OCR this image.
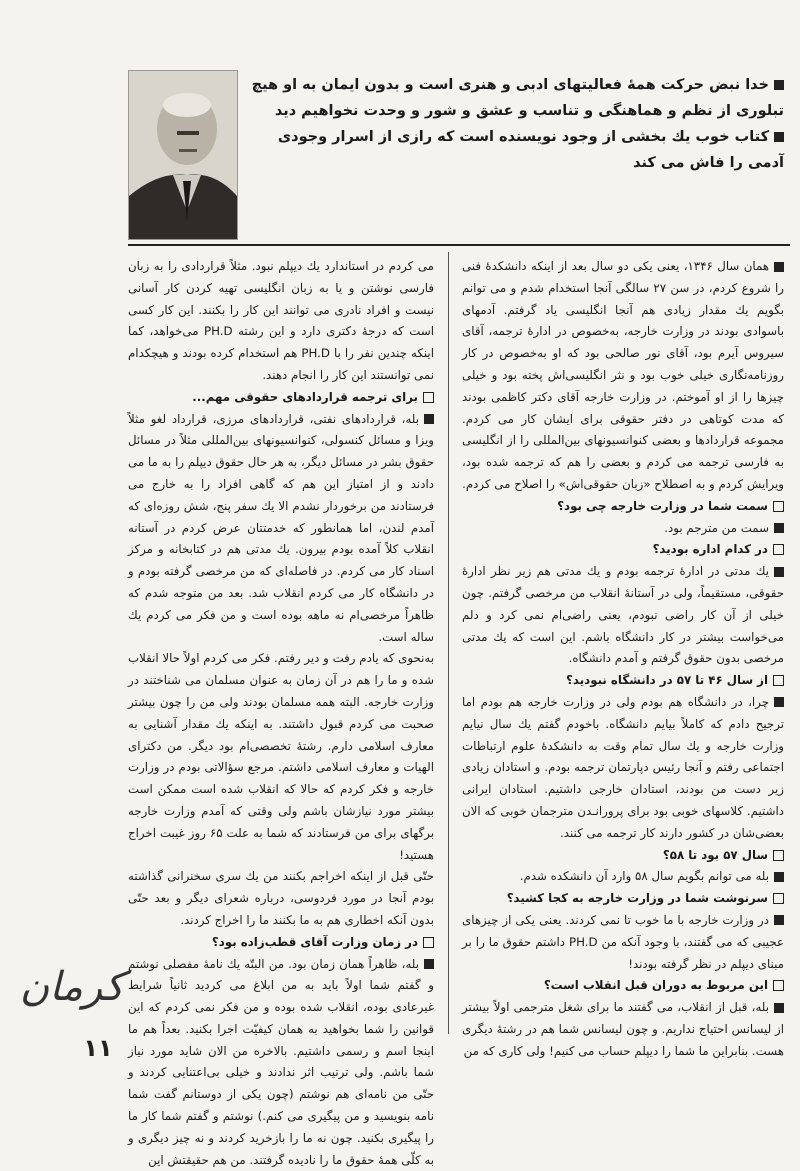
خدا نبض حرکت همهٔ فعالیتهای ادبی و هنری است و بدون ایمان به او هیچ تبلوری از نظم و هماهنگی و تناسب و عشق و شور و وحدت نخواهیم دید

کتاب خوب یك بخشی از وجود نویسنده است که رازی از اسرار وجودی آدمی را فاش می کند

همان سال ۱۳۴۶، یعنی یکی دو سال بعد از اینکه دانشکدهٔ فنی را شروع کردم، در سن ۲۷ سالگی آنجا استخدام شدم و می توانم بگویم یك مقدار زیادی هم آنجا انگلیسی یاد گرفتم. آدمهای باسوادی بودند در وزارت خارجه، به‌خصوص در ادارهٔ ترجمه، آقای سیروس آیرم بود، آقای نور صالحی بود که او به‌خصوص در کار روزنامه‌نگاری خیلی خوب بود و نثر انگلیسی‌اش پخته بود و خیلی چیزها را از او آموختم. در وزارت خارجه آقای دکتر کاظمی بودند که مدت کوتاهی در دفتر حقوقی برای ایشان کار می کردم. مجموعه قراردادها و بعضی کنوانسیونهای بین‌المللی را از انگلیسی به فارسی ترجمه می کردم و بعضی را هم که ترجمه شده بود، ویرایش کردم و به اصطلاح «زبان حقوقی‌اش» را اصلاح می کردم.

سمت شما در وزارت خارجه چی بود؟

سمت من مترجم بود.

در کدام اداره بودید؟

یك مدتی در ادارهٔ ترجمه بودم و یك مدتی هم زیر نظر ادارهٔ حقوقی، مستقیماً، ولی در آستانهٔ انقلاب من مرخصی گرفتم. چون خیلی از آن کار راضی نبودم، یعنی راضی‌ام نمی کرد و دلم می‌خواست بیشتر در کار دانشگاه باشم. این است که یك مدتی مرخصی بدون حقوق گرفتم و آمدم دانشگاه.

از سال ۴۶ تا ۵۷ در دانشگاه نبودید؟

چرا، در دانشگاه هم بودم ولی در وزارت خارجه هم بودم اما ترجیح دادم که کاملاً بیایم دانشگاه. باخودم گفتم یك سال نیایم وزارت خارجه و یك سال تمام وقت به دانشکدهٔ علوم ارتباطات اجتماعی رفتم و آنجا رئیس دپارتمان ترجمه بودم. و استادان زیادی زیر دست من بودند، استادان خارجی داشتیم. استادان ایرانی داشتیم. کلاسهای خوبی بود برای پرورانـدن مترجمان خوبی که الان بعضی‌شان در کشور دارند کار ترجمه می کنند.

سال ۵۷ بود تا ۵۸؟

بله می توانم بگویم سال ۵۸ وارد آن دانشکده شدم.

سرنوشت شما در وزارت خارجه به کجا کشید؟

در وزارت خارجه با ما خوب تا نمی کردند. یعنی یکی از چیزهای عجیبی که می گفتند، با وجود آنکه من PH.D داشتم حقوق ما را بر مبنای دیپلم در نظر گرفته بودند!

این مربوط به دوران قبل انقلاب است؟

بله، قبل از انقلاب، می گفتند ما برای شغل مترجمی اولاً بیشتر از لیسانس احتیاج نداریم. و چون لیسانس شما هم در رشتهٔ دیگری هست. بنابراین ما شما را دیپلم حساب می کنیم! ولی کاری که من

می کردم در استاندارد یك دیپلم نبود. مثلاً قراردادی را به زبان فارسی نوشتن و یا به زبان انگلیسی تهیه کردن کار آسانی نیست و افراد نادری می توانند این کار را بکنند. این کار کسی است که درجهٔ دکتری دارد و این رشته PH.D می‌خواهد، کما اینکه چندین نفر را با PH.D هم استخدام کرده بودند و هیچکدام نمی توانستند این کار را انجام دهند.

برای ترجمه قراردادهای حقوقی مهم...

بله، قراردادهای نفتی، قراردادهای مرزی، قرارداد لغو مثلاً ویزا و مسائل کنسولی، کنوانسیونهای بین‌المللی مثلاً در مسائل حقوق بشر در مسائل دیگر، به هر حال حقوق دیپلم را به ما می دادند و از امتیاز این هم که گاهی افراد را به خارج می فرستادند من برخوردار نشدم الا یك سفر پنج، شش روزه‌ای که آمدم لندن، اما همانطور که خدمتتان عرض کردم در آستانه انقلاب کلاً آمده بودم بیرون. یك مدتی هم در کتابخانه و مرکز اسناد کار می کردم. در فاصله‌ای که من مرخصی گرفته بودم و در دانشگاه کار می کردم انقلاب شد. بعد من متوجه شدم که ظاهراً مرخصی‌ام نه ماهه بوده است و من فکر می کردم یك ساله است.

به‌نحوی که یادم رفت و دیر رفتم. فکر می کردم اولاً حالا انقلاب شده و ما را هم در آن زمان به عنوان مسلمان می شناختند در وزارت خارجه. البته همه مسلمان بودند ولی من را چون بیشتر صحبت می کردم قبول داشتند. به اینکه یك مقدار آشنایی به معارف اسلامی دارم. رشتهٔ تخصصی‌ام بود دیگر. من دکترای الهیات و معارف اسلامی داشتم. مرجع سؤالاتی بودم در وزارت خارجه و فکر کردم که حالا که انقلاب شده است ممکن است بیشتر مورد نیازشان باشم ولی وقتی که آمدم وزارت خارجه برگهای برای من فرستادند که شما به علت ۶۵ روز غیبت اخراج هستید!

حتّی قبل از اینکه اخراجم بکنند من یك سری سخنرانی گذاشته بودم آنجا در مورد فردوسی، درباره شعرای دیگر و بعد حتّی بدون آنکه اخطاری هم به ما بکنند ما را اخراج کردند.

در زمان وزارت آقای قطب‌زاده بود؟

بله، ظاهراً همان زمان بود. من البتّه یك نامهٔ مفصلی نوشتم و گفتم شما اولاً باید به من ابلاغ می کردید ثانیاً شرایط غیرعادی بوده، انقلاب شده بوده و من فکر نمی کردم که این قوانین را شما بخواهید به همان کیفیّت اجرا بکنید. بعداً هم ما اینجا اسم و رسمی داشتیم. بالاخره من الان شاید مورد نیاز شما باشم. ولی ترتیب اثر ندادند و خیلی بی‌اعتنایی کردند و حتّی من نامه‌ای هم نوشتم (چون یکی از دوستانم گفت شما نامه بنویسید و من پیگیری می کنم.) نوشتم و گفتم شما کار ما را پیگیری بکنید. چون نه ما را بازخرید کردند و نه چیز دیگری و به کلّی همهٔ حقوق ما را نادیده گرفتند. من هم حقیقتش این

کرمان
۱۱
